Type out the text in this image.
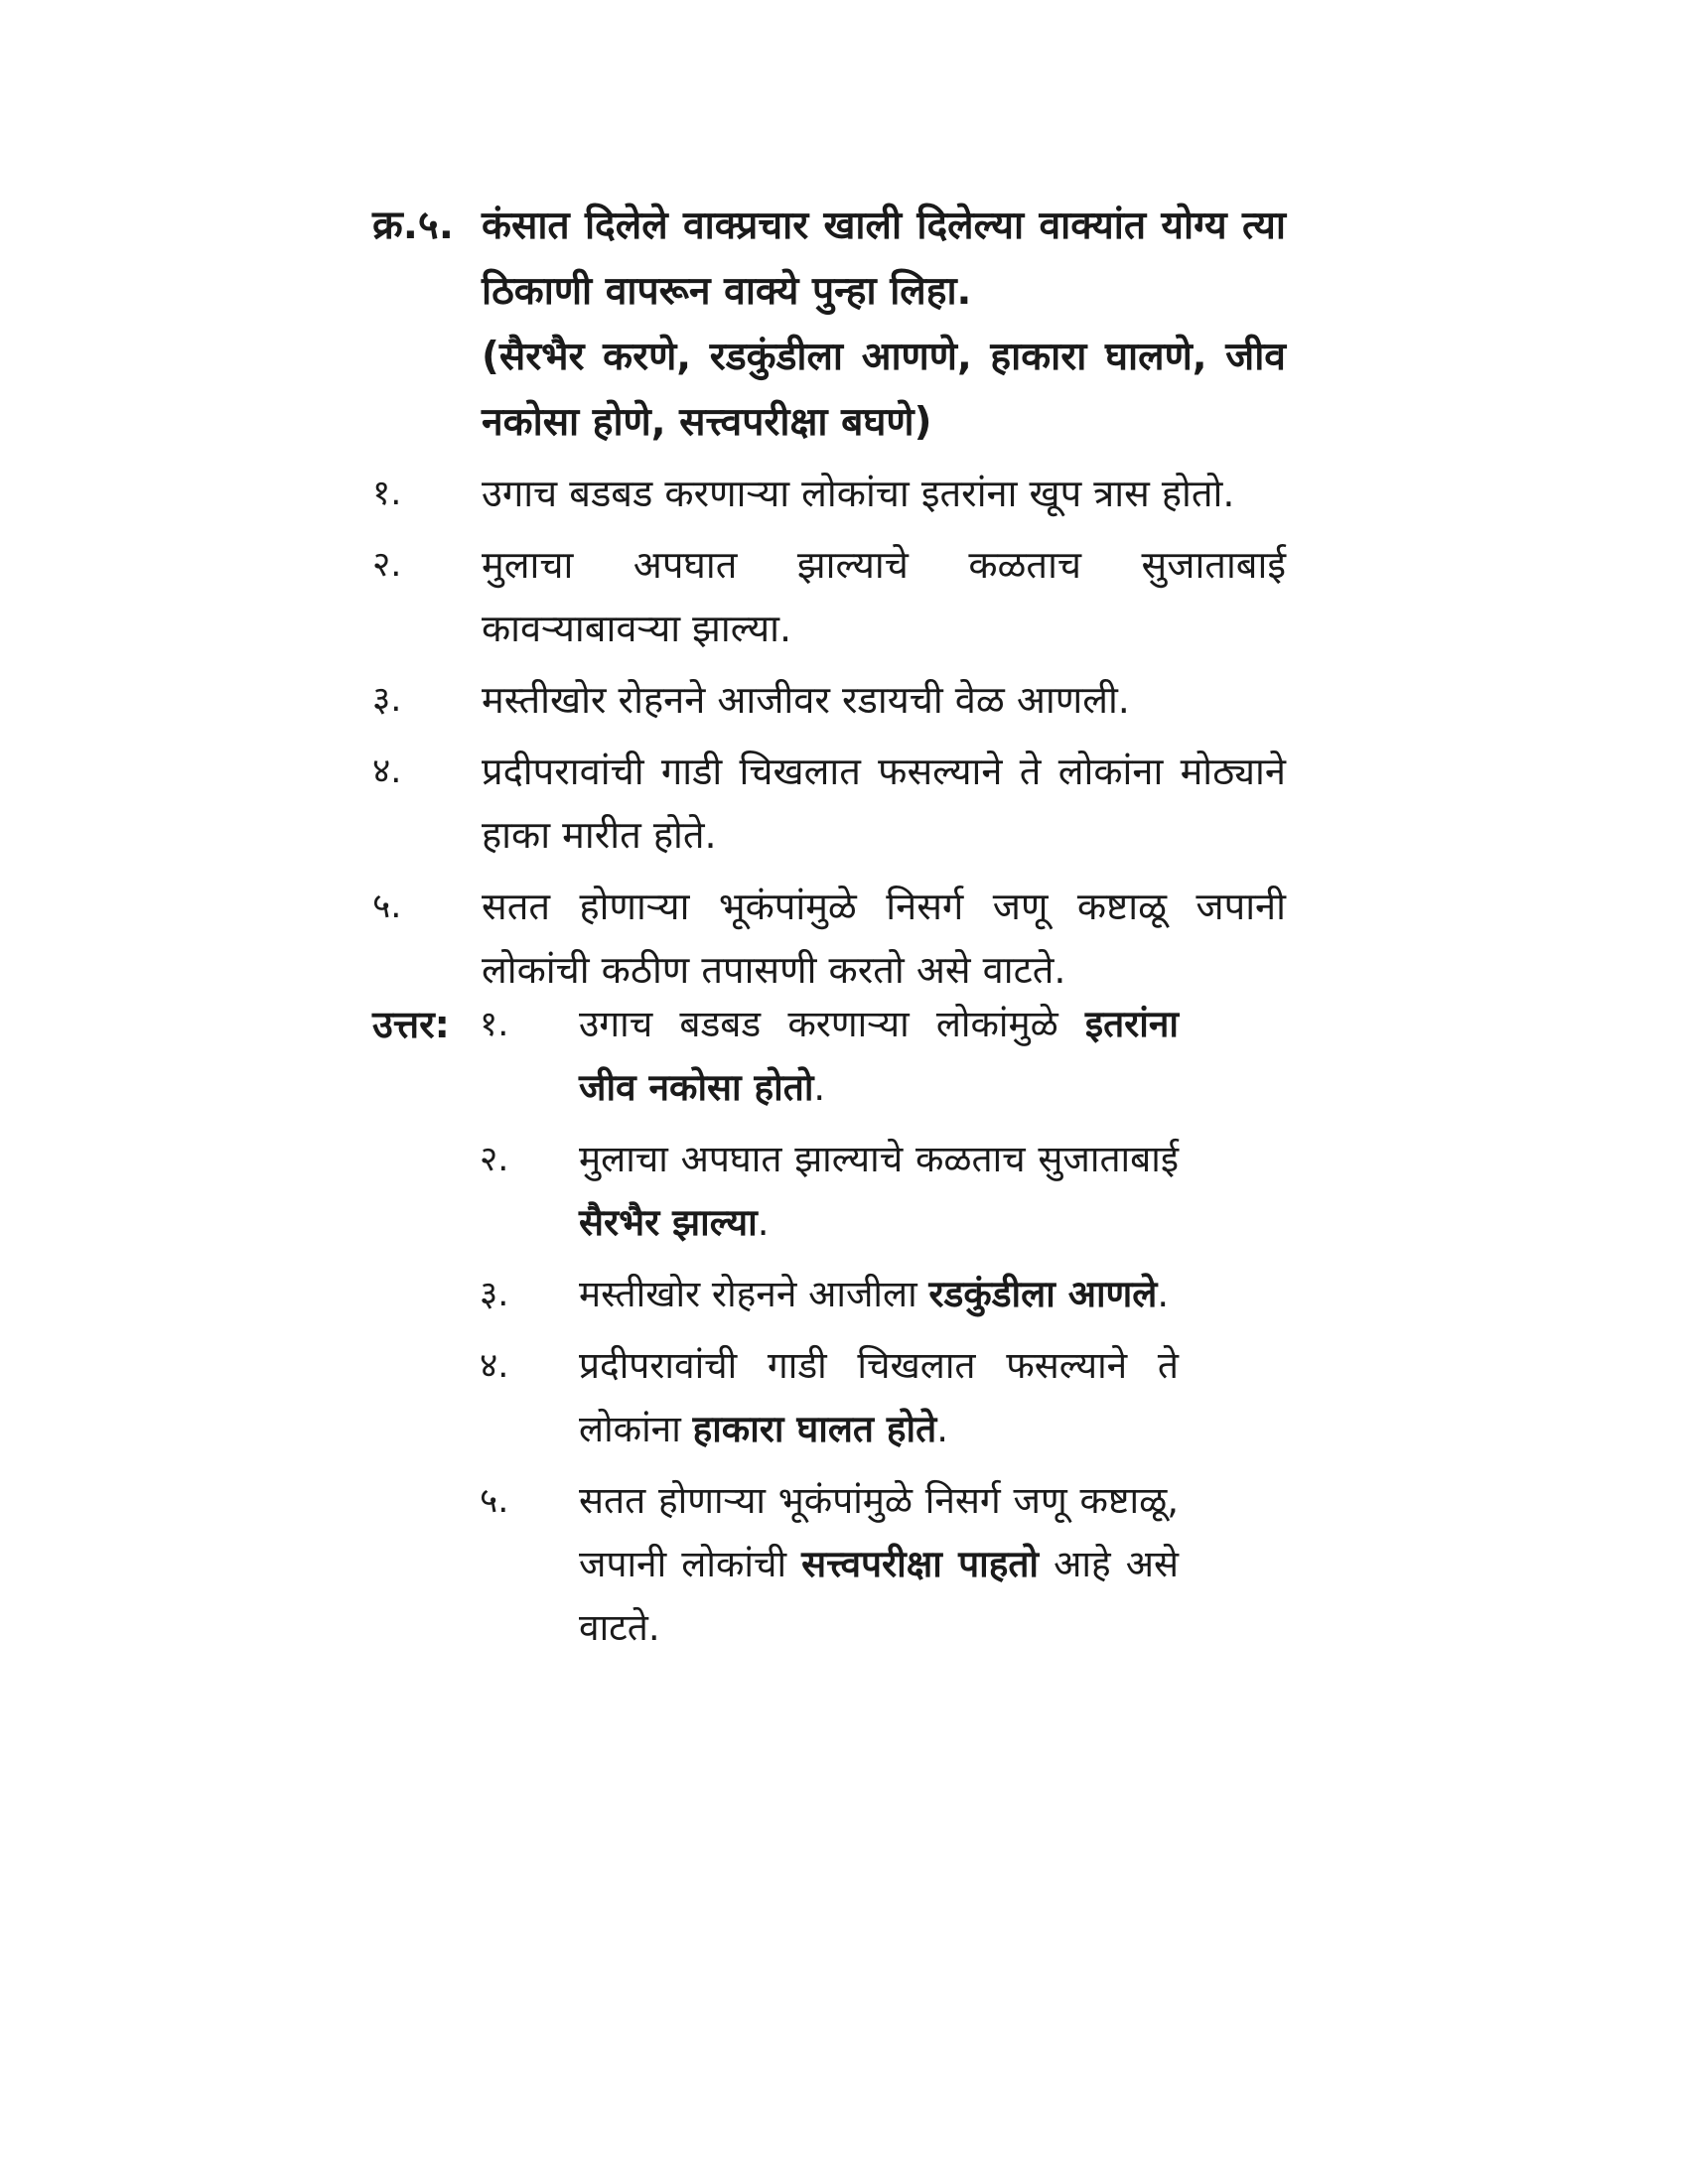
क्र.५. कंसात दिलेले वाक्प्रचार खाली दिलेल्या वाक्यांत योग्य त्या ठिकाणी वापरून वाक्ये पुन्हा लिहा.
(सैरभैर करणे, रडकुंडीला आणणे, हाकारा घालणे, जीव नकोसा होणे, सत्त्वपरीक्षा बघणे)
१.	उगाच बडबड करणाऱ्या लोकांचा इतरांना खूप त्रास होतो.
२.	मुलाचा अपघात झाल्याचे कळताच सुजाताबाई कावऱ्याबावऱ्या झाल्या.
३.	मस्तीखोर रोहनने आजीवर रडायची वेळ आणली.
४.	प्रदीपरावांची गाडी चिखलात फसल्याने ते लोकांना मोठ्याने हाका मारीत होते.
५.	सतत होणाऱ्या भूकंपांमुळे निसर्ग जणू कष्टाळू जपानी लोकांची कठीण तपासणी करतो असे वाटते.
उत्तर: १.	उगाच बडबड करणाऱ्या लोकांमुळे इतरांना जीव नकोसा होतो.
२.	मुलाचा अपघात झाल्याचे कळताच सुजाताबाई सैरभैर झाल्या.
३.	मस्तीखोर रोहनने आजीला रडकुंडीला आणले.
४.	प्रदीपरावांची गाडी चिखलात फसल्याने ते लोकांना हाकारा घालत होते.
५.	सतत होणाऱ्या भूकंपांमुळे निसर्ग जणू कष्टाळू, जपानी लोकांची सत्त्वपरीक्षा पाहतो आहे असे वाटते.
